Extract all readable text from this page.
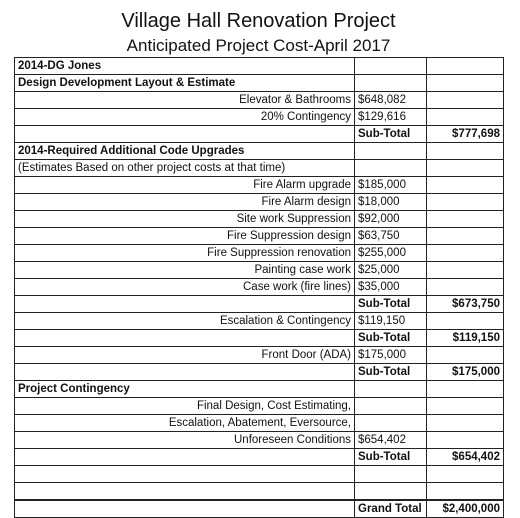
Village Hall Renovation Project
Anticipated Project Cost-April 2017
2014-DG Jones		
Design Development Layout & Estimate		
Elevator & Bathrooms	$648,082	
20% Contingency	$129,616	
	Sub-Total	$777,698
2014-Required Additional Code Upgrades		
(Estimates Based on other project costs at that time)		
Fire Alarm upgrade	$185,000	
Fire Alarm design	$18,000	
Site work Suppression	$92,000	
Fire Suppression design	$63,750	
Fire Suppression renovation	$255,000	
Painting case work	$25,000	
Case work (fire lines)	$35,000	
	Sub-Total	$673,750
Escalation & Contingency	$119,150	
	Sub-Total	$119,150
Front Door (ADA)	$175,000	
	Sub-Total	$175,000
Project Contingency		
Final Design, Cost Estimating,		
Escalation, Abatement, Eversource,		
Unforeseen Conditions	$654,402	
	Sub-Total	$654,402

	Grand Total	$2,400,000
